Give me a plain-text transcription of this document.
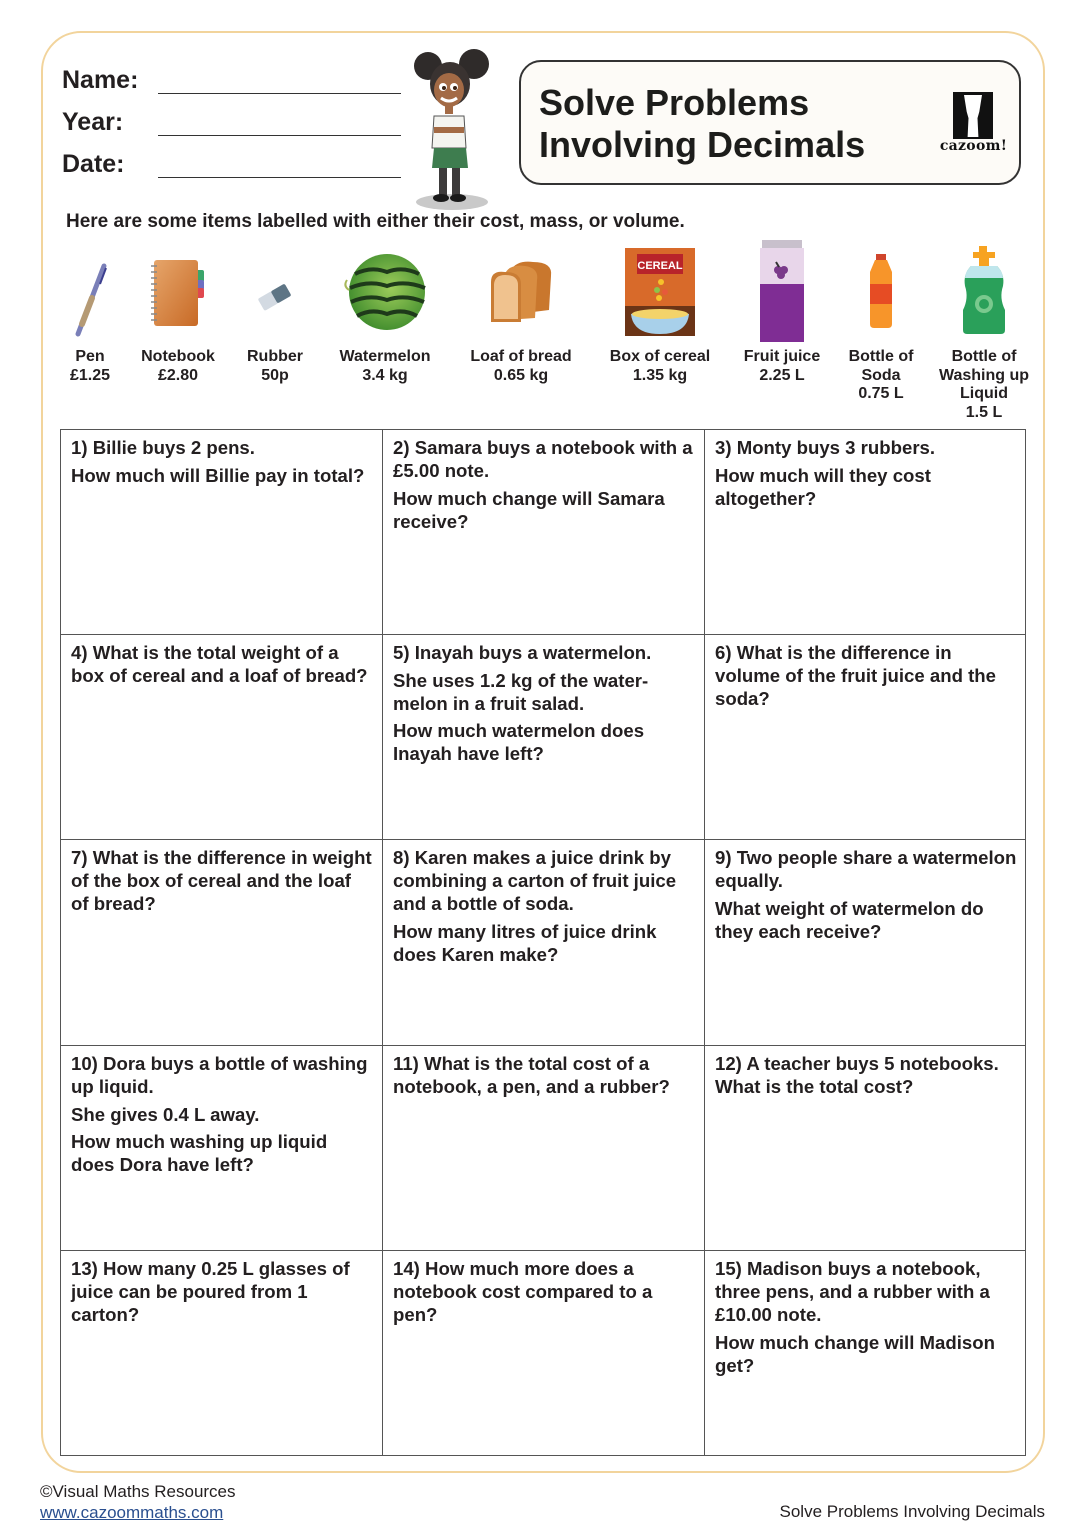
Name:
Year:
Date:
Solve Problems
Involving Decimals	cazoom!
Here are some items labelled with either their cost, mass, or volume.
Pen
£1.25
Notebook
£2.80
Rubber
50p
Watermelon
3.4 kg
Loaf of bread
0.65 kg
CEREAL
Box of cereal
1.35 kg
Fruit juice
2.25 L
Bottle of
Soda
0.75 L
Bottle of
Washing up
Liquid
1.5 L

1) Billie buys 2 pens.

How much will Billie pay in total?

2) Samara buys a notebook with a £5.00 note.

How much change will Samara receive?

3) Monty buys 3 rubbers.

How much will they cost altogether?

4) What is the total weight of a box of cereal and a loaf of bread?

5) Inayah buys a watermelon.

She uses 1.2 kg of the water-melon in a fruit salad.

How much watermelon does Inayah have left?

6) What is the difference in volume of the fruit juice and the soda?

7) What is the difference in weight of the box of cereal and the loaf of bread?

8) Karen makes a juice drink by combining a carton of fruit juice and a bottle of soda.

How many litres of juice drink does Karen make?

9) Two people share a watermelon equally.

What weight of watermelon do they each receive?

10) Dora buys a bottle of washing up liquid.

She gives 0.4 L away.

How much washing up liquid does Dora have left?

11) What is the total cost of a notebook, a pen, and a rubber?

12) A teacher buys 5 notebooks. What is the total cost?

13) How many 0.25 L glasses of juice can be poured from 1 carton?

14) How much more does a notebook cost compared to a pen?

15) Madison buys a notebook, three pens, and a rubber with a £10.00 note.

How much change will Madison get?

©Visual Maths Resources
www.cazoommaths.com	Solve Problems Involving Decimals
